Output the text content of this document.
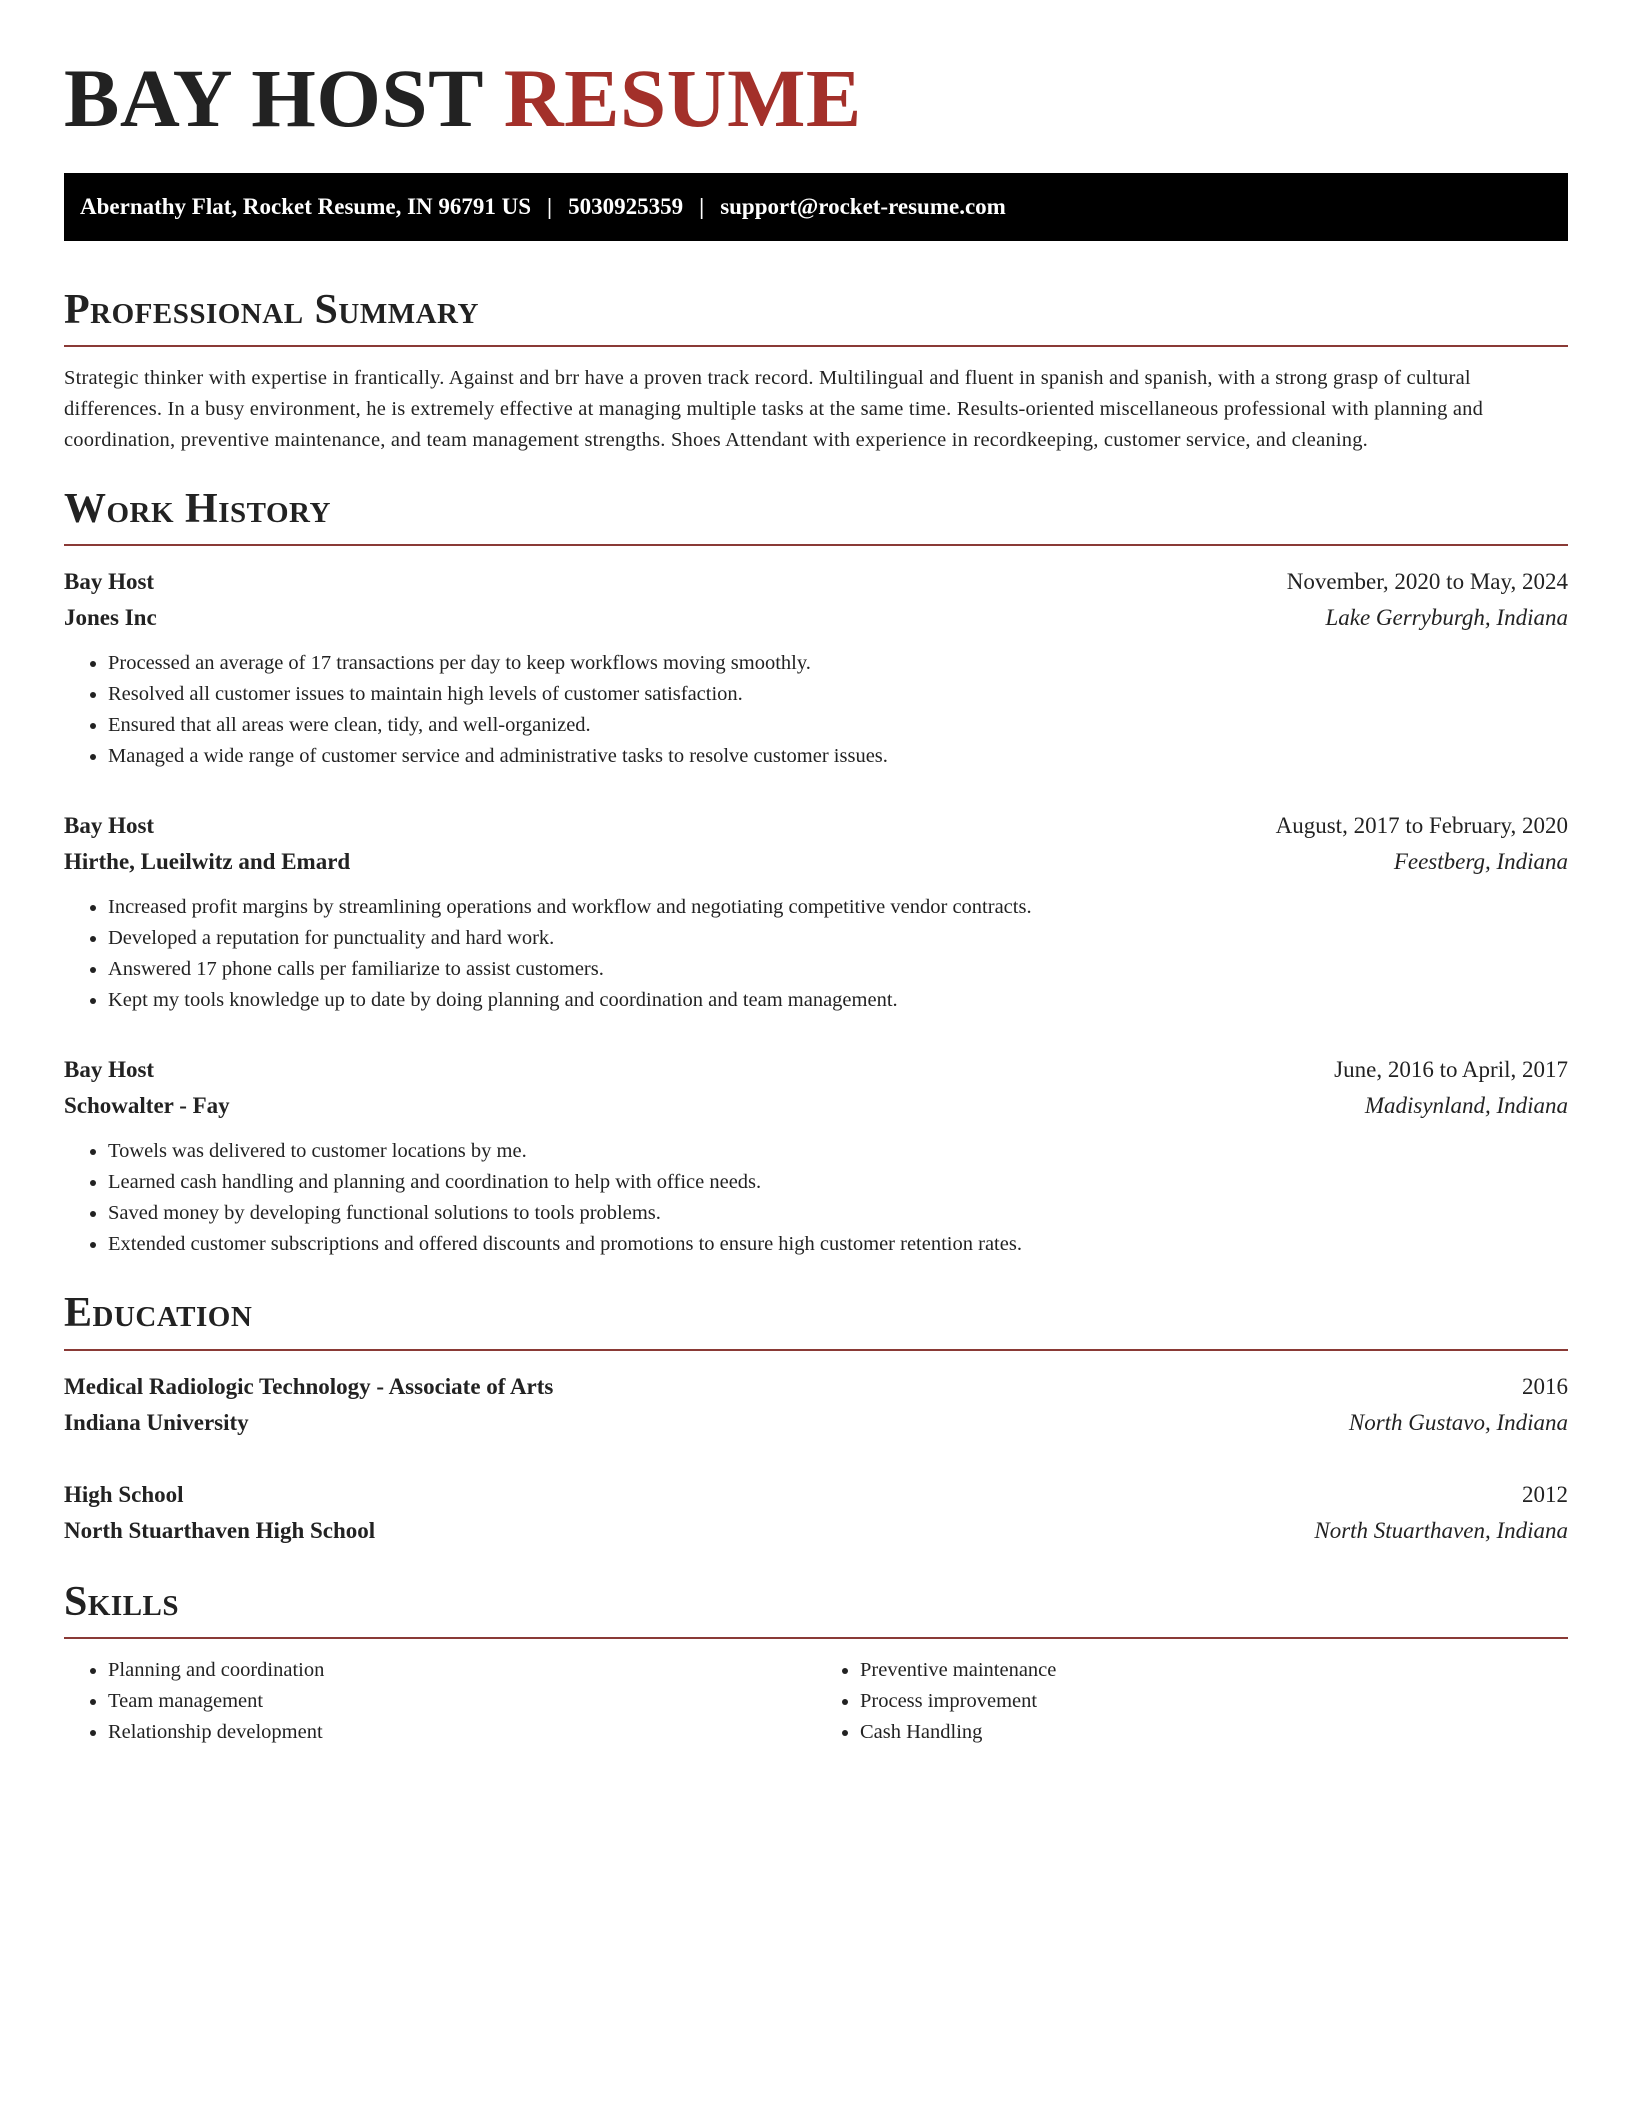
BAY HOST RESUME
Abernathy Flat, Rocket Resume, IN 96791 US | 5030925359 | support@rocket-resume.com
Professional Summary

Strategic thinker with expertise in frantically. Against and brr have a proven track record. Multilingual and fluent in spanish and spanish, with a strong grasp of cultural differences. In a busy environment, he is extremely effective at managing multiple tasks at the same time. Results-oriented miscellaneous professional with planning and coordination, preventive maintenance, and team management strengths. Shoes Attendant with experience in recordkeeping, customer service, and cleaning.

Work History
Bay Host	November, 2020 to May, 2024
Jones Inc	Lake Gerryburgh, Indiana
• Processed an average of 17 transactions per day to keep workflows moving smoothly.
• Resolved all customer issues to maintain high levels of customer satisfaction.
• Ensured that all areas were clean, tidy, and well-organized.
• Managed a wide range of customer service and administrative tasks to resolve customer issues.
Bay Host	August, 2017 to February, 2020
Hirthe, Lueilwitz and Emard	Feestberg, Indiana
• Increased profit margins by streamlining operations and workflow and negotiating competitive vendor contracts.
• Developed a reputation for punctuality and hard work.
• Answered 17 phone calls per familiarize to assist customers.
• Kept my tools knowledge up to date by doing planning and coordination and team management.
Bay Host	June, 2016 to April, 2017
Schowalter - Fay	Madisynland, Indiana
• Towels was delivered to customer locations by me.
• Learned cash handling and planning and coordination to help with office needs.
• Saved money by developing functional solutions to tools problems.
• Extended customer subscriptions and offered discounts and promotions to ensure high customer retention rates.
Education
Medical Radiologic Technology - Associate of Arts	2016
Indiana University	North Gustavo, Indiana
High School	2012
North Stuarthaven High School	North Stuarthaven, Indiana
Skills
• Planning and coordination
• Team management
• Relationship development
• Preventive maintenance
• Process improvement
• Cash Handling
